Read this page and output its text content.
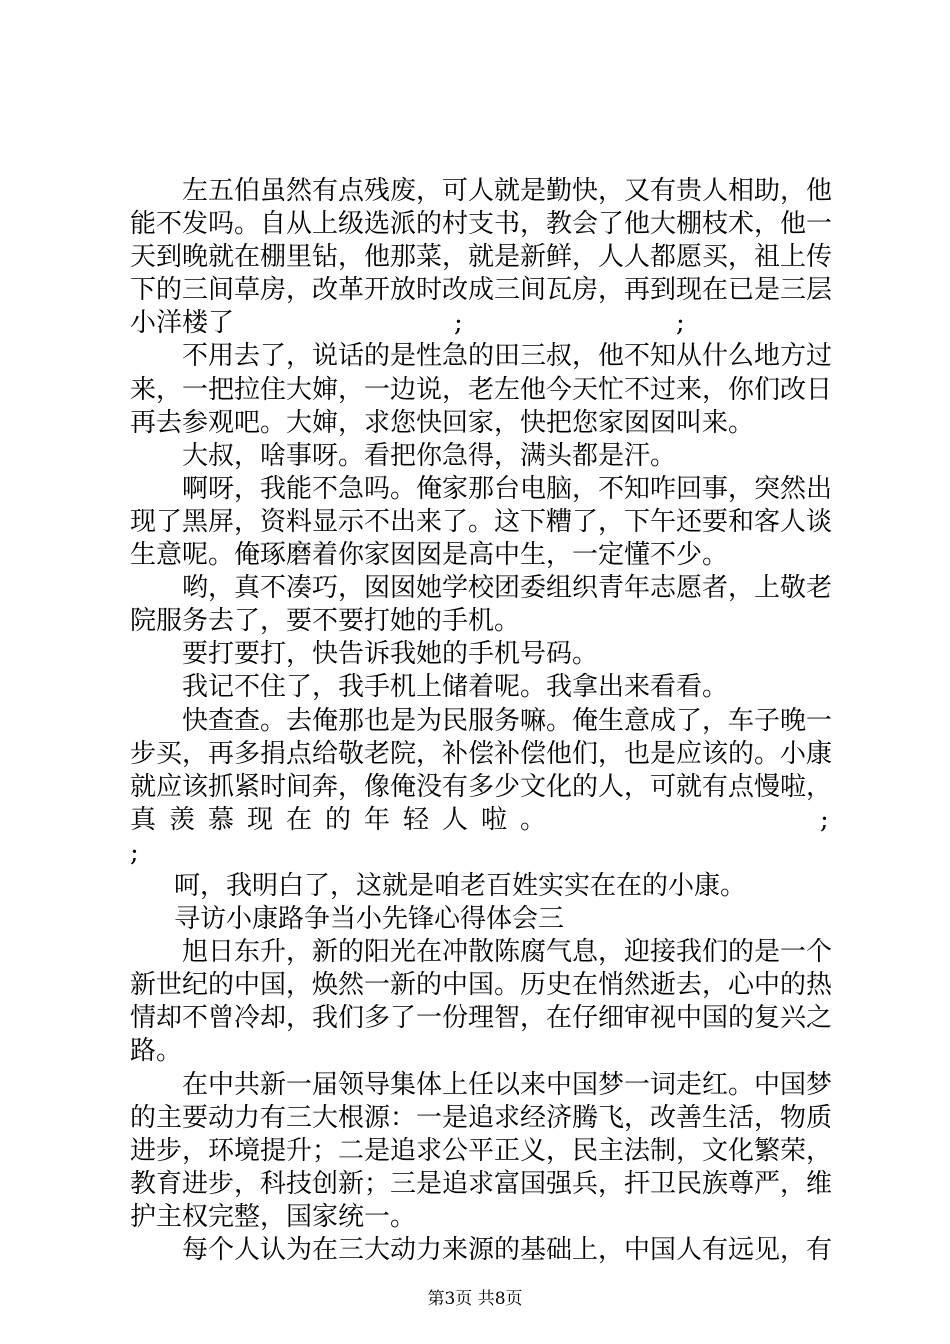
左五伯虽然有点残废，可人就是勤快，又有贵人相助，他
能不发吗。自从上级选派的村支书，教会了他大棚枝术，他一
天到晚就在棚里钻，他那菜，就是新鲜，人人都愿买，祖上传
下的三间草房，改革开放时改成三间瓦房，再到现在已是三层
小洋楼了	;	;
不用去了，说话的是性急的田三叔，他不知从什么地方过
来，一把拉住大婶，一边说，老左他今天忙不过来，你们改日
再去参观吧。大婶，求您快回家，快把您家囡囡叫来。
大叔，啥事呀。看把你急得，满头都是汗。
啊呀，我能不急吗。俺家那台电脑，不知咋回事，突然出
现了黑屏，资料显示不出来了。这下糟了，下午还要和客人谈
生意呢。俺琢磨着你家囡囡是高中生，一定懂不少。
哟，真不凑巧，囡囡她学校团委组织青年志愿者，上敬老
院服务去了，要不要打她的手机。
要打要打，快告诉我她的手机号码。
我记不住了，我手机上储着呢。我拿出来看看。
快查查。去俺那也是为民服务嘛。俺生意成了，车子晚一
步买，再多捐点给敬老院，补偿补偿他们，也是应该的。小康
就应该抓紧时间奔，像俺没有多少文化的人，可就有点慢啦，
真羡慕现在的年轻人啦。	;
;
呵，我明白了，这就是咱老百姓实实在在的小康。
寻访小康路争当小先锋心得体会三
旭日东升，新的阳光在冲散陈腐气息，迎接我们的是一个
新世纪的中国，焕然一新的中国。历史在悄然逝去，心中的热
情却不曾冷却，我们多了一份理智，在仔细审视中国的复兴之
路。
在中共新一届领导集体上任以来中国梦一词走红。中国梦
的主要动力有三大根源：一是追求经济腾飞，改善生活，物质
进步，环境提升；二是追求公平正义，民主法制，文化繁荣，
教育进步，科技创新；三是追求富国强兵，扞卫民族尊严，维
护主权完整，国家统一。
每个人认为在三大动力来源的基础上，中国人有远见，有
第3页 共8页
